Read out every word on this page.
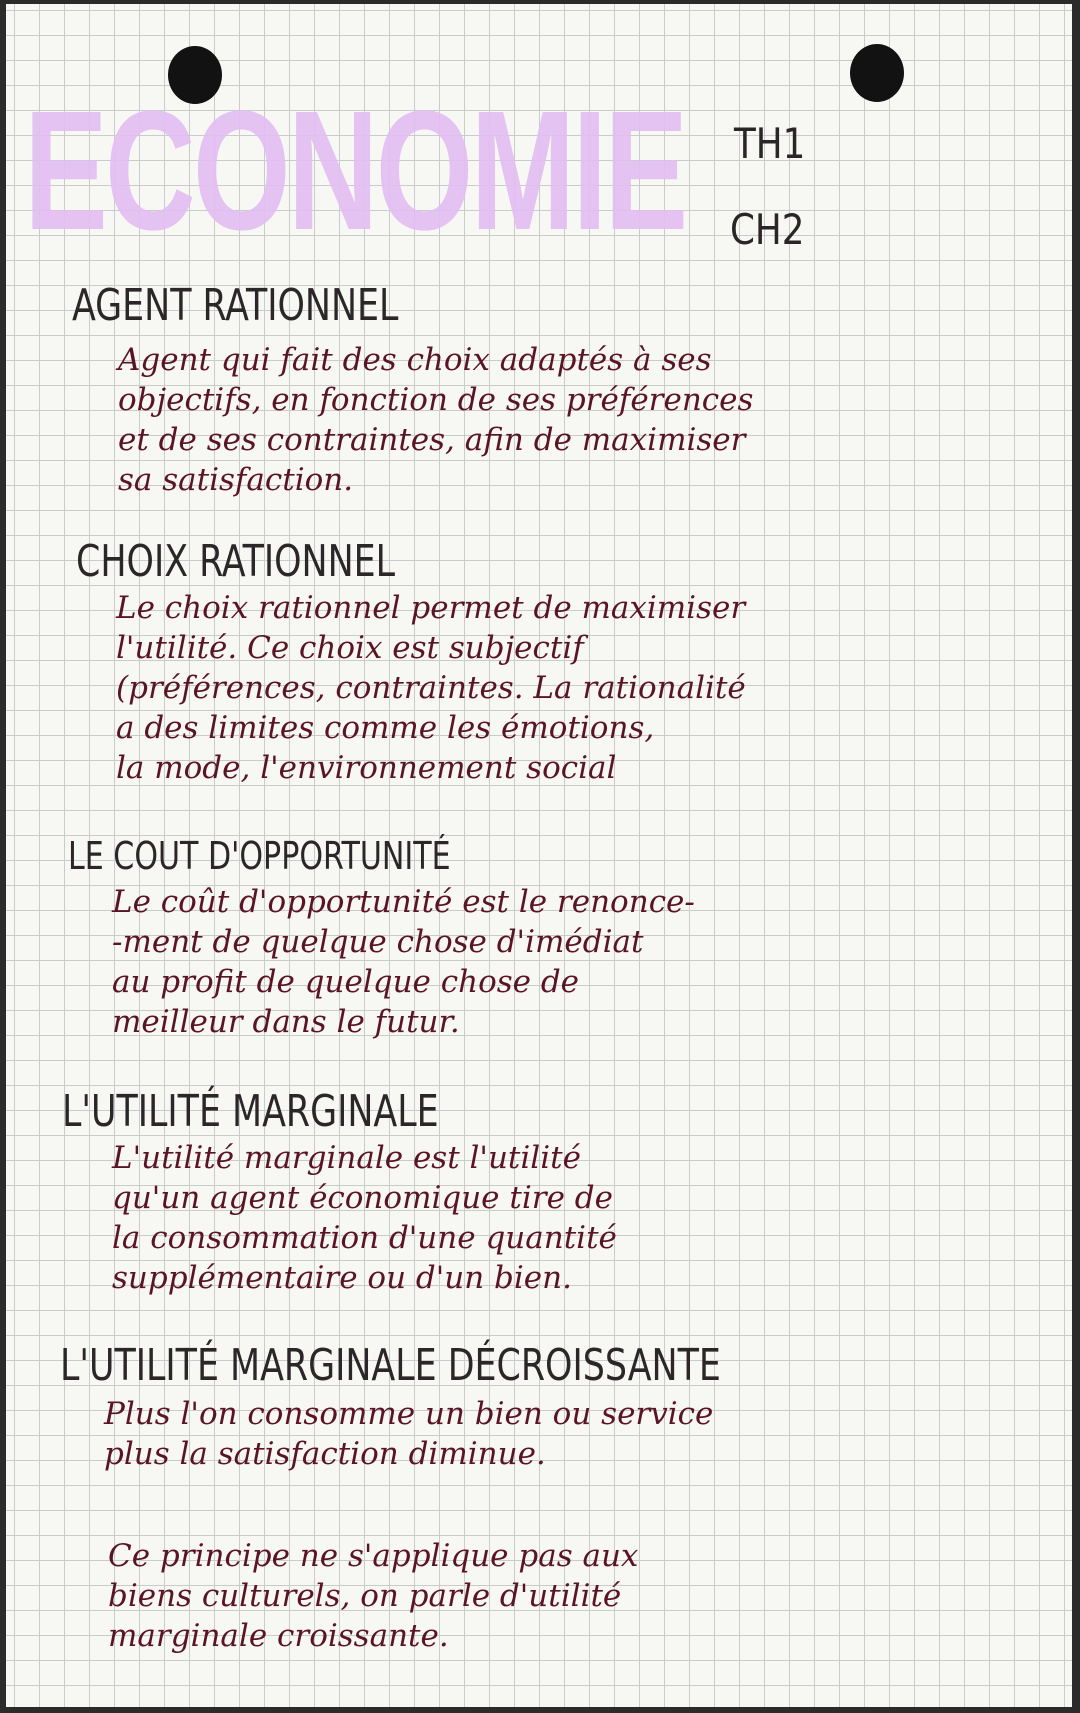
ECONOMIE TH1
CH2
AGENT RATIONNEL
Agent qui fait des choix adaptés à ses
objectifs, en fonction de ses préférences
et de ses contraintes, afin de maximiser
sa satisfaction.
CHOIX RATIONNEL
Le choix rationnel permet de maximiser
l'utilité. Ce choix est subjectif
(préférences, contraintes. La rationalité
a des limites comme les émotions,
la mode, l'environnement social
LE COUT D'OPPORTUNITÉ
Le coût d'opportunité est le renonce-
-ment de quelque chose d'imédiat
au profit de quelque chose de
meilleur dans le futur.
L'UTILITÉ MARGINALE
L'utilité marginale est l'utilité
qu'un agent économique tire de
la consommation d'une quantité
supplémentaire ou d'un bien.
L'UTILITÉ MARGINALE DÉCROISSANTE
Plus l'on consomme un bien ou service
plus la satisfaction diminue.
Ce principe ne s'applique pas aux
biens culturels, on parle d'utilité
marginale croissante.
